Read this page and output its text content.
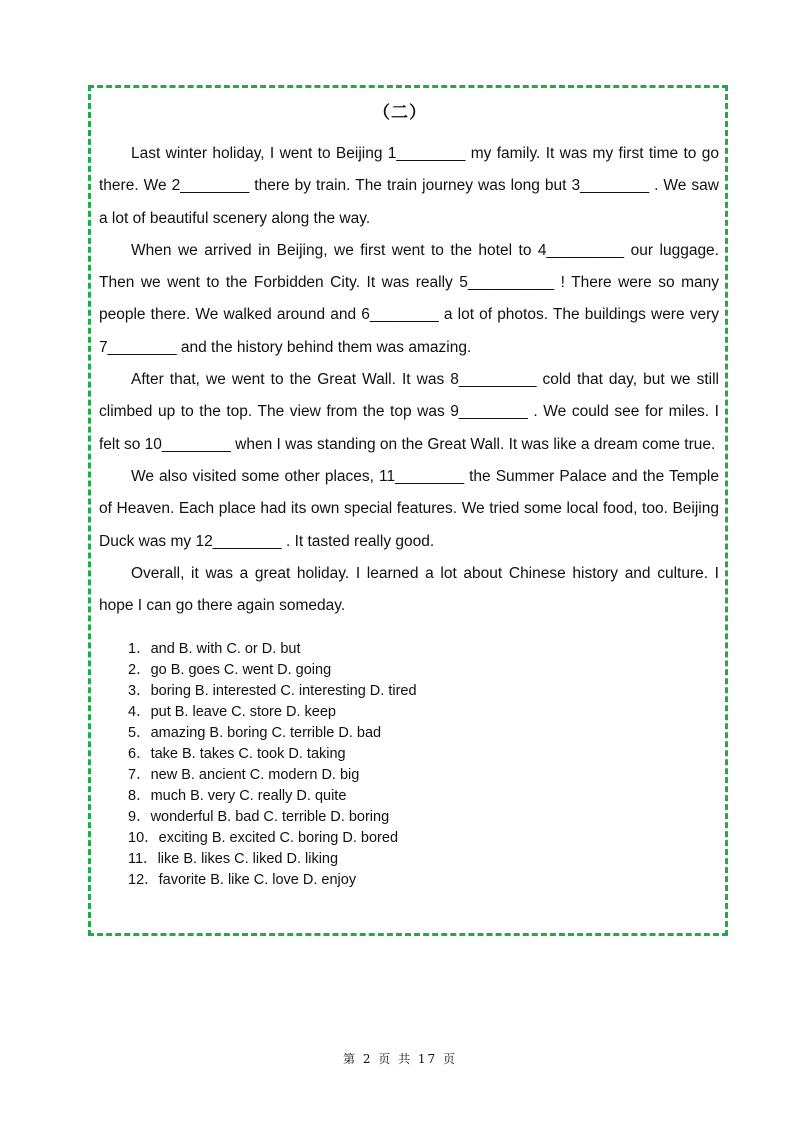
（二）

Last winter holiday, I went to Beijing 1________ my family. It was my first time to go there. We 2________ there by train. The train journey was long but 3________ . We saw a lot of beautiful scenery along the way.

When we arrived in Beijing, we first went to the hotel to 4_________ our luggage. Then we went to the Forbidden City. It was really 5__________ ! There were so many people there. We walked around and 6________ a lot of photos. The buildings were very 7________ and the history behind them was amazing.

After that, we went to the Great Wall. It was 8_________ cold that day, but we still climbed up to the top. The view from the top was 9________ . We could see for miles. I felt so 10________ when I was standing on the Great Wall. It was like a dream come true.

We also visited some other places, 11________ the Summer Palace and the Temple of Heaven. Each place had its own special features. We tried some local food, too. Beijing Duck was my 12________ . It tasted really good.

Overall, it was a great holiday. I learned a lot about Chinese history and culture. I hope I can go there again someday.

1．and B. with C. or D. but
2．go B. goes C. went D. going
3．boring B. interested C. interesting D. tired
4．put B. leave C. store D. keep
5．amazing B. boring C. terrible D. bad
6．take B. takes C. took D. taking
7．new B. ancient C. modern D. big
8．much B. very C. really D. quite
9．wonderful B. bad C. terrible D. boring
10．exciting B. excited C. boring D. bored
11．like B. likes C. liked D. liking
12．favorite B. like C. love D. enjoy
第 2 页 共 17 页
